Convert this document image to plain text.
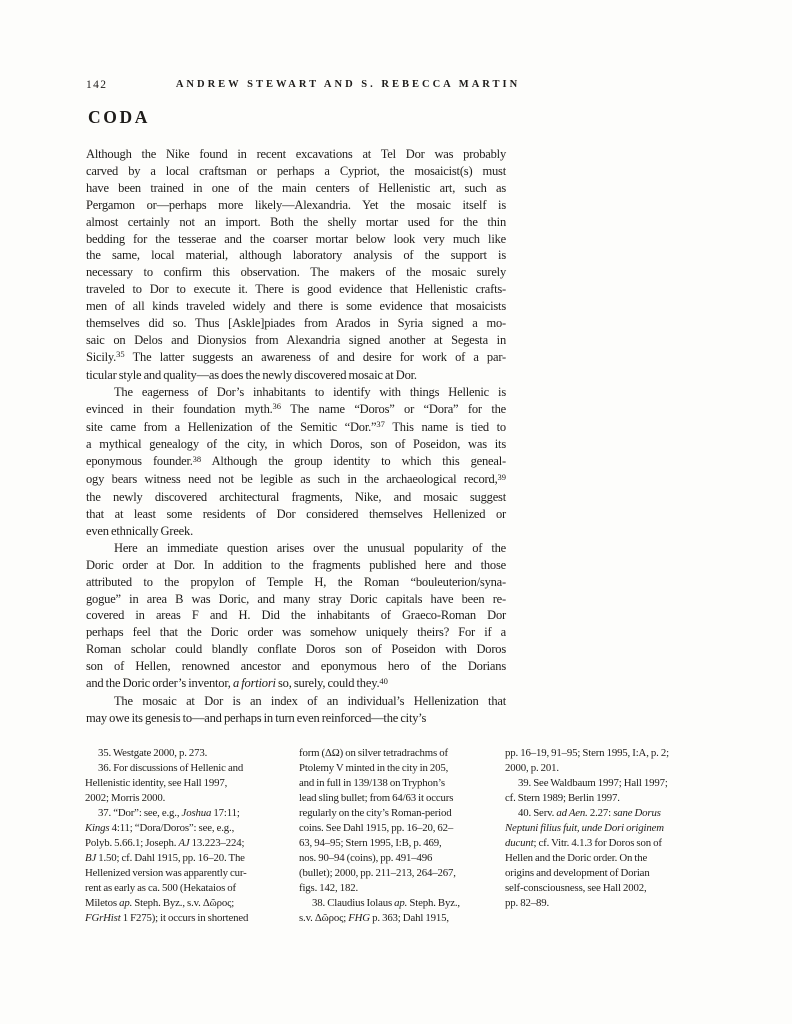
142	ANDREW STEWART AND S. REBECCA MARTIN
CODA
Although the Nike found in recent excavations at Tel Dor was probably
carved by a local craftsman or perhaps a Cypriot, the mosaicist(s) must
have been trained in one of the main centers of Hellenistic art, such as
Pergamon or—perhaps more likely—Alexandria. Yet the mosaic itself is
almost certainly not an import. Both the shelly mortar used for the thin
bedding for the tesserae and the coarser mortar below look very much like
the same, local material, although laboratory analysis of the support is
necessary to confirm this observation. The makers of the mosaic surely
traveled to Dor to execute it. There is good evidence that Hellenistic crafts-
men of all kinds traveled widely and there is some evidence that mosaicists
themselves did so. Thus [Askle]piades from Arados in Syria signed a mo-
saic on Delos and Dionysios from Alexandria signed another at Segesta in
Sicily.$^{35}$ The latter suggests an awareness of and desire for work of a par-
ticular style and quality—as does the newly discovered mosaic at Dor.
The eagerness of Dor’s inhabitants to identify with things Hellenic is
evinced in their foundation myth.$^{36}$ The name “Doros” or “Dora” for the
site came from a Hellenization of the Semitic “Dor.”$^{37}$ This name is tied to
a mythical genealogy of the city, in which Doros, son of Poseidon, was its
eponymous founder.$^{38}$ Although the group identity to which this geneal-
ogy bears witness need not be legible as such in the archaeological record,$^{39}$
the newly discovered architectural fragments, Nike, and mosaic suggest
that at least some residents of Dor considered themselves Hellenized or
even ethnically Greek.
Here an immediate question arises over the unusual popularity of the
Doric order at Dor. In addition to the fragments published here and those
attributed to the propylon of Temple H, the Roman “bouleuterion/syna-
gogue” in area B was Doric, and many stray Doric capitals have been re-
covered in areas F and H. Did the inhabitants of Graeco-Roman Dor
perhaps feel that the Doric order was somehow uniquely theirs? For if a
Roman scholar could blandly conflate Doros son of Poseidon with Doros
son of Hellen, renowned ancestor and eponymous hero of the Dorians
and the Doric order’s inventor, a fortiori so, surely, could they.$^{40}$
The mosaic at Dor is an index of an individual’s Hellenization that
may owe its genesis to—and perhaps in turn even reinforced—the city’s
35. Westgate 2000, p. 273.
36. For discussions of Hellenic and
Hellenistic identity, see Hall 1997,
2002; Morris 2000.
37. “Dor”: see, e.g., Joshua 17:11;
Kings 4:11; “Dora/Doros”: see, e.g.,
Polyb. 5.66.1; Joseph. AJ 13.223–224;
BJ 1.50; cf. Dahl 1915, pp. 16–20. The
Hellenized version was apparently cur-
rent as early as ca. 500 (Hekataios of
Miletos ap. Steph. Byz., s.v. Δῶρος;
FGrHist 1 F275); it occurs in shortened
form (ΔΩ) on silver tetradrachms of
Ptolemy V minted in the city in 205,
and in full in 139/138 on Tryphon’s
lead sling bullet; from 64/63 it occurs
regularly on the city’s Roman-period
coins. See Dahl 1915, pp. 16–20, 62–
63, 94–95; Stern 1995, I:B, p. 469,
nos. 90–94 (coins), pp. 491–496
(bullet); 2000, pp. 211–213, 264–267,
figs. 142, 182.
38. Claudius Iolaus ap. Steph. Byz.,
s.v. Δῶρος; FHG p. 363; Dahl 1915,
pp. 16–19, 91–95; Stern 1995, I:A, p. 2;
2000, p. 201.
39. See Waldbaum 1997; Hall 1997;
cf. Stern 1989; Berlin 1997.
40. Serv. ad Aen. 2.27: sane Dorus
Neptuni filius fuit, unde Dori originem
ducunt; cf. Vitr. 4.1.3 for Doros son of
Hellen and the Doric order. On the
origins and development of Dorian
self-consciousness, see Hall 2002,
pp. 82–89.
